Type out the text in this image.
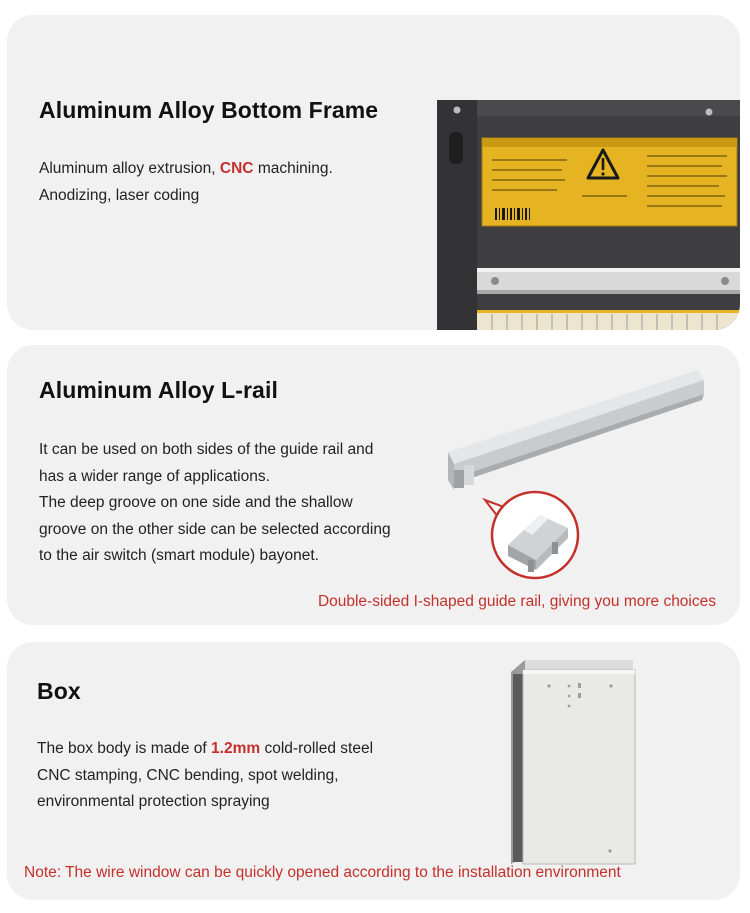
Aluminum Alloy Bottom Frame
Aluminum alloy extrusion, CNC machining.
Anodizing, laser coding
Aluminum Alloy L-rail
It can be used on both sides of the guide rail and
has a wider range of applications.
The deep groove on one side and the shallow
groove on the other side can be selected according
to the air switch (smart module) bayonet.
Double-sided I-shaped guide rail, giving you more choices
Box
The box body is made of 1.2mm cold-rolled steel
CNC stamping, CNC bending, spot welding,
environmental protection spraying
Note: The wire window can be quickly opened according to the installation environment
